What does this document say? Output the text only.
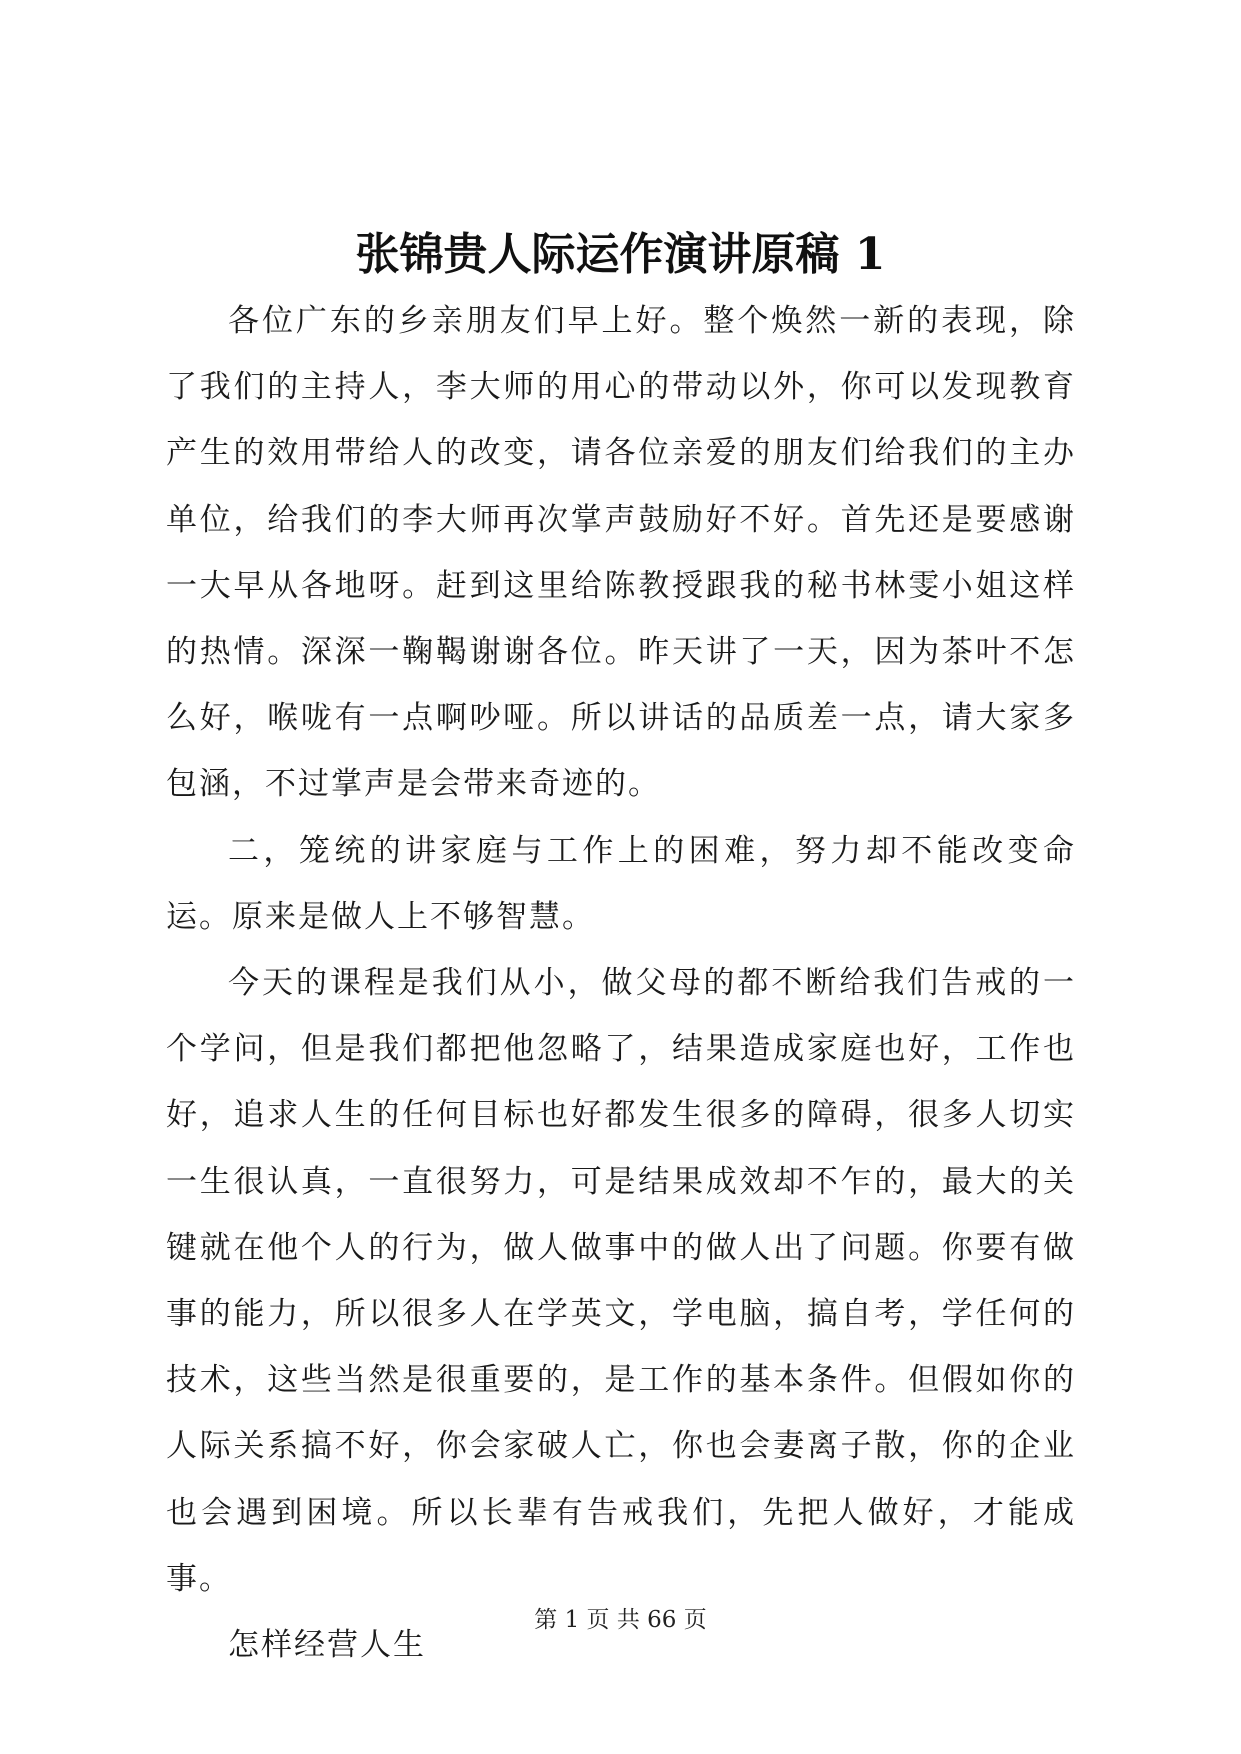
张锦贵人际运作演讲原稿 1

各位广东的乡亲朋友们早上好。整个焕然一新的表现，除了我们的主持人，李大师的用心的带动以外，你可以发现教育产生的效用带给人的改变，请各位亲爱的朋友们给我们的主办单位，给我们的李大师再次掌声鼓励好不好。首先还是要感谢一大早从各地呀。赶到这里给陈教授跟我的秘书林雯小姐这样的热情。深深一鞠鞨谢谢各位。昨天讲了一天，因为茶叶不怎么好，喉咙有一点啊吵哑。所以讲话的品质差一点，请大家多包涵，不过掌声是会带来奇迹的。

二，笼统的讲家庭与工作上的困难，努力却不能改变命运。原来是做人上不够智慧。

今天的课程是我们从小，做父母的都不断给我们告戒的一个学问，但是我们都把他忽略了，结果造成家庭也好，工作也好，追求人生的任何目标也好都发生很多的障碍，很多人切实一生很认真，一直很努力，可是结果成效却不乍的，最大的关键就在他个人的行为，做人做事中的做人出了问题。你要有做事的能力，所以很多人在学英文，学电脑，搞自考，学任何的技术，这些当然是很重要的，是工作的基本条件。但假如你的人际关系搞不好，你会家破人亡，你也会妻离子散，你的企业也会遇到困境。所以长辈有告戒我们，先把人做好，才能成事。

怎样经营人生

第 1 页 共 66 页
